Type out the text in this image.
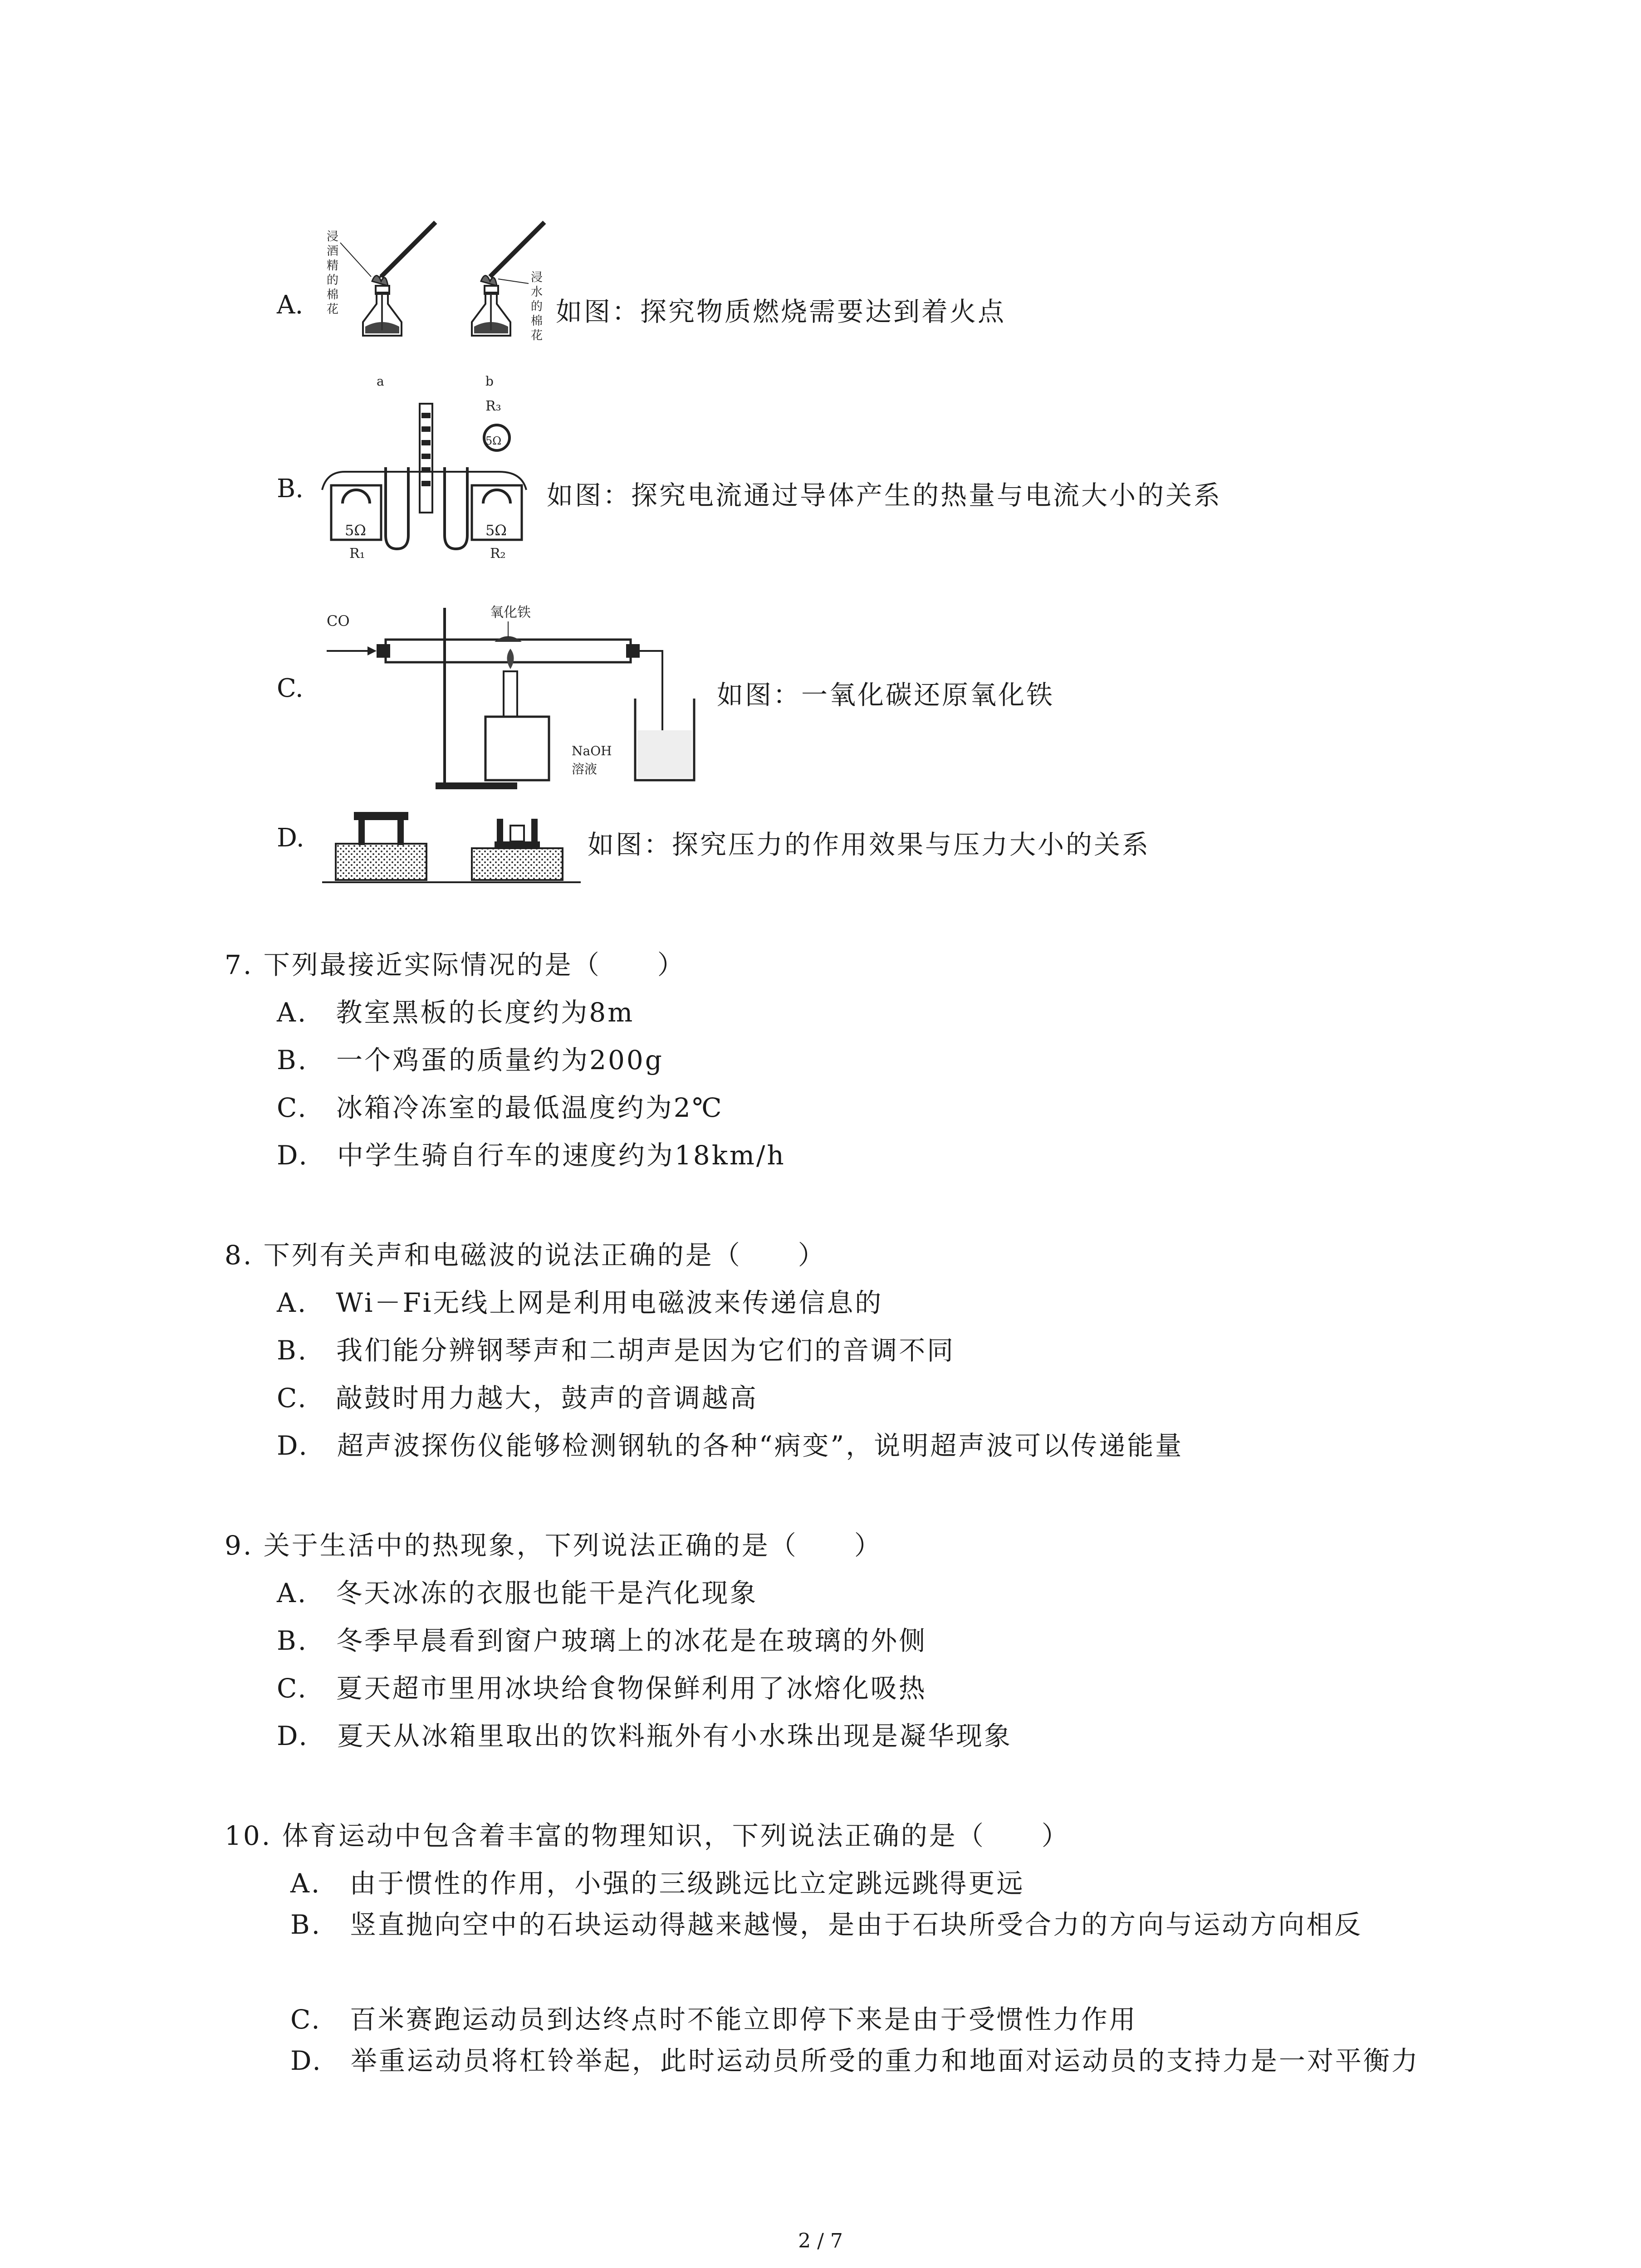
A.
浸酒精的棉花
浸水的棉花
a	b
如图：探究物质燃烧需要达到着火点
B.
R₃
5Ω
5Ω	5Ω
R₁	R₂
如图：探究电流通过导体产生的热量与电流大小的关系
C.
CO	氧化铁
NaOH
溶液
如图：一氧化碳还原氧化铁
D.	如图：探究压力的作用效果与压力大小的关系
7. 下列最接近实际情况的是（　　）
A.　 教室黑板的长度约为8m
B.　 一个鸡蛋的质量约为200g
C.　 冰箱冷冻室的最低温度约为2℃
D.　 中学生骑自行车的速度约为18km/h
8. 下列有关声和电磁波的说法正确的是（　　）
A.　 Wi－Fi无线上网是利用电磁波来传递信息的
B.　 我们能分辨钢琴声和二胡声是因为它们的音调不同
C.　 敲鼓时用力越大，鼓声的音调越高
D.　 超声波探伤仪能够检测钢轨的各种“病变”，说明超声波可以传递能量
9. 关于生活中的热现象，下列说法正确的是（　　）
A.　 冬天冰冻的衣服也能干是汽化现象
B.　 冬季早晨看到窗户玻璃上的冰花是在玻璃的外侧
C.　 夏天超市里用冰块给食物保鲜利用了冰熔化吸热
D.　 夏天从冰箱里取出的饮料瓶外有小水珠出现是凝华现象
10. 体育运动中包含着丰富的物理知识，下列说法正确的是（　　）
A.　 由于惯性的作用，小强的三级跳远比立定跳远跳得更远
B.　 竖直抛向空中的石块运动得越来越慢，是由于石块所受合力的方向与运动方向相反
C.　 百米赛跑运动员到达终点时不能立即停下来是由于受惯性力作用
D.　 举重运动员将杠铃举起，此时运动员所受的重力和地面对运动员的支持力是一对平衡力
2 / 7
